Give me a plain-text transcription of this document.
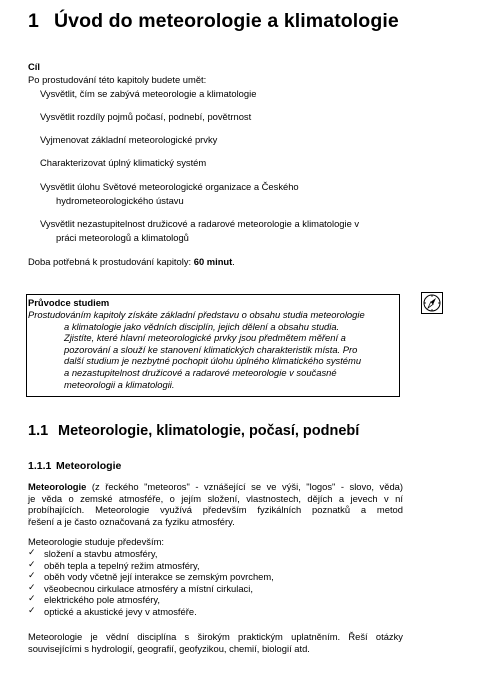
1 Úvod do meteorologie a klimatologie
Cíl
Po prostudování této kapitoly budete umět:
Vysvětlit, čím se zabývá meteorologie a klimatologie
Vysvětlit rozdíly pojmů počasí, podnebí, povětrnost
Vyjmenovat základní meteorologické prvky
Charakterizovat úplný klimatický systém
Vysvětlit úlohu Světové meteorologické organizace a Českého
hydrometeorologického ústavu
Vysvětlit nezastupitelnost družicové a radarové meteorologie a klimatologie v
práci meteorologů a klimatologů
Doba potřebná k prostudování kapitoly: 60 minut.
Průvodce studiem
Prostudováním kapitoly získáte základní představu o obsahu studia meteorologie
a klimatologie jako vědních disciplín, jejich dělení a obsahu studia.
Zjistíte, které hlavní meteorologické prvky jsou předmětem měření a
pozorování a slouží ke stanovení klimatických charakteristik místa. Pro
další studium je nezbytné pochopit úlohu úplného klimatického systému
a nezastupitelnost družicové a radarové meteorologie v současné
meteorologii a klimatologii.
1.1 Meteorologie, klimatologie, počasí, podnebí
1.1.1 Meteorologie
Meteorologie (z řeckého "meteoros" - vznášející se ve výši, "logos" - slovo, věda)
je věda o zemské atmosféře, o jejím složení, vlastnostech, dějích a jevech v ní
probíhajících. Meteorologie využívá především fyzikálních poznatků a metod
řešení a je často označovaná za fyziku atmosféry.
Meteorologie studuje především:
✓ složení a stavbu atmosféry,
✓ oběh tepla a tepelný režim atmosféry,
✓ oběh vody včetně její interakce se zemským povrchem,
✓ všeobecnou cirkulace atmosféry a místní cirkulaci,
✓ elektrického pole atmosféry,
✓ optické a akustické jevy v atmosféře.
Meteorologie je vědní disciplína s širokým praktickým uplatněním. Řeší otázky
souvisejícími s hydrologií, geografií, geofyzikou, chemií, biologií atd.
